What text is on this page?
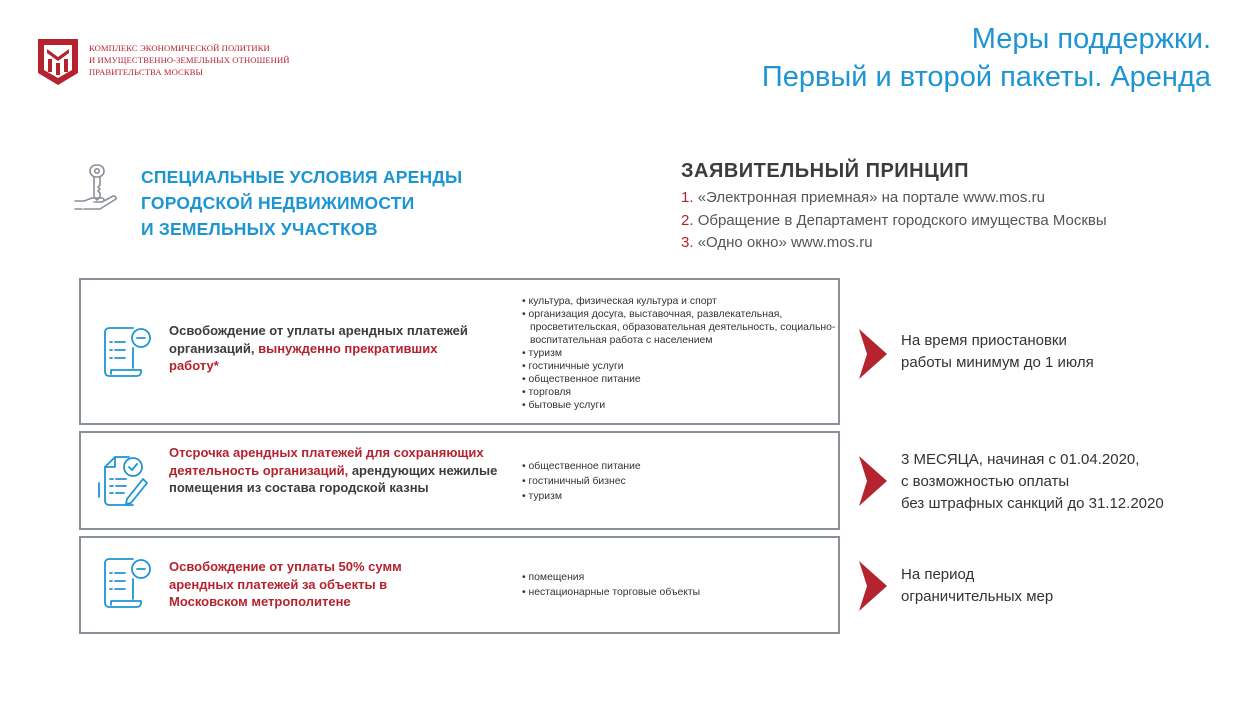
КОМПЛЕКС ЭКОНОМИЧЕСКОЙ ПОЛИТИКИ
И ИМУЩЕСТВЕННО-ЗЕМЕЛЬНЫХ ОТНОШЕНИЙ
ПРАВИТЕЛЬСТВА МОСКВЫ
Меры поддержки.
Первый и второй пакеты. Аренда
СПЕЦИАЛЬНЫЕ УСЛОВИЯ АРЕНДЫ
ГОРОДСКОЙ НЕДВИЖИМОСТИ
И ЗЕМЕЛЬНЫХ УЧАСТКОВ
ЗАЯВИТЕЛЬНЫЙ ПРИНЦИП
1. «Электронная приемная» на портале www.mos.ru
2. Обращение в Департамент городского имущества Москвы
3. «Одно окно» www.mos.ru
Освобождение от уплаты арендных платежей организаций, вынужденно прекративших работу*
• культура, физическая культура и спорт
• организация досуга, выставочная, развлекательная, просветительская, образовательная деятельность, социально-воспитательная работа с населением
• туризм
• гостиничные услуги
• общественное питание
• торговля
• бытовые услуги
На время приостановки
работы минимум до 1 июля
Отсрочка арендных платежей для сохраняющих деятельность организаций, арендующих нежилые помещения из состава городской казны
• общественное питание
• гостиничный бизнес
• туризм
3 МЕСЯЦА, начиная с 01.04.2020,
с возможностью оплаты
без штрафных санкций до 31.12.2020
Освобождение от уплаты 50% сумм арендных платежей за объекты в Московском метрополитене
• помещения
• нестационарные торговые объекты
На период
ограничительных мер
